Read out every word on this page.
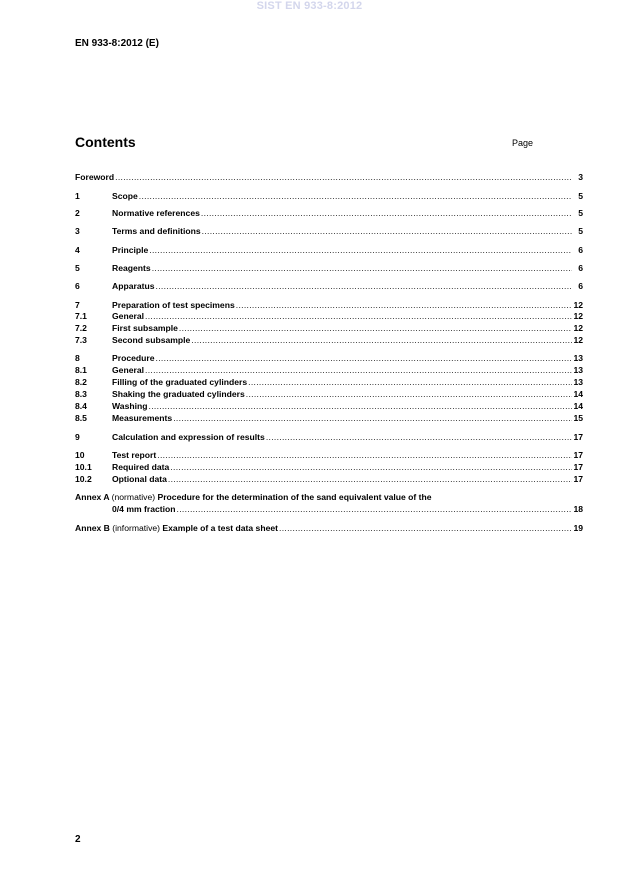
SIST EN 933-8:2012
EN 933-8:2012 (E)
Contents	Page
Foreword .....	3
1	Scope .....	5
2	Normative references .....	5
3	Terms and definitions .....	5
4	Principle .....	6
5	Reagents .....	6
6	Apparatus .....	6
7	Preparation of test specimens .....	12
7.1	General .....	12
7.2	First subsample .....	12
7.3	Second subsample .....	12
8	Procedure .....	13
8.1	General .....	13
8.2	Filling of the graduated cylinders .....	13
8.3	Shaking the graduated cylinders .....	14
8.4	Washing .....	14
8.5	Measurements .....	15
9	Calculation and expression of results .....	17
10	Test report .....	17
10.1	Required data .....	17
10.2	Optional data .....	17
Annex A (normative) Procedure for the determination of the sand equivalent value of the
0/4 mm fraction .....	18
Annex B (informative) Example of a test data sheet .....	19
2
